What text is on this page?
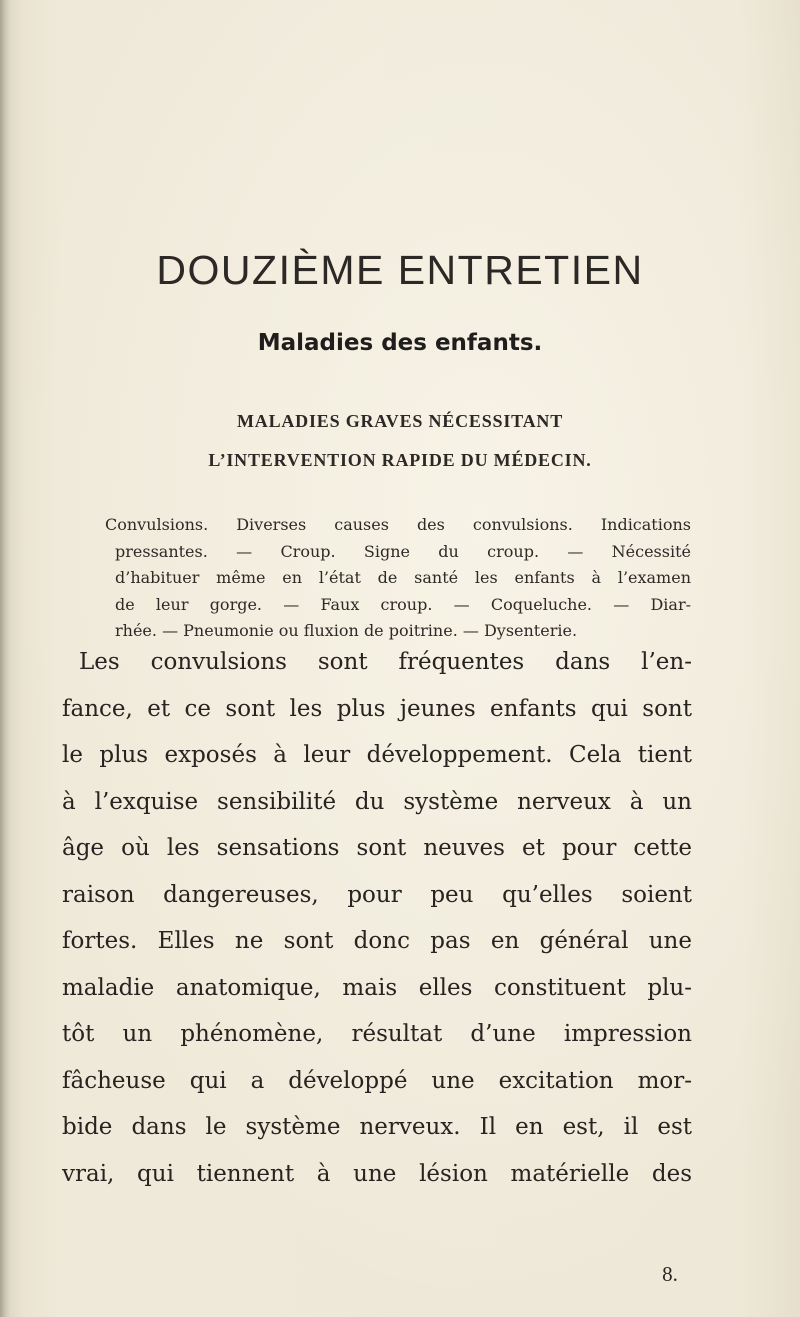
DOUZIÈME ENTRETIEN
Maladies des enfants.
MALADIES GRAVES NÉCESSITANT L’INTERVENTION RAPIDE DU MÉDECIN.

Convulsions. Diverses causes des convulsions. Indications
pressantes. — Croup. Signe du croup. — Nécessité
d’habituer même en l’état de santé les enfants à l’examen
de leur gorge. — Faux croup. — Coqueluche. — Diar-
rhée. — Pneumonie ou fluxion de poitrine. — Dysenterie.

Les convulsions sont fréquentes dans l’en-
fance, et ce sont les plus jeunes enfants qui sont
le plus exposés à leur développement. Cela tient
à l’exquise sensibilité du système nerveux à un
âge où les sensations sont neuves et pour cette
raison dangereuses, pour peu qu’elles soient
fortes. Elles ne sont donc pas en général une
maladie anatomique, mais elles constituent plu-
tôt un phénomène, résultat d’une impression
fâcheuse qui a développé une excitation mor-
bide dans le système nerveux. Il en est, il est
vrai, qui tiennent à une lésion matérielle des

8.
